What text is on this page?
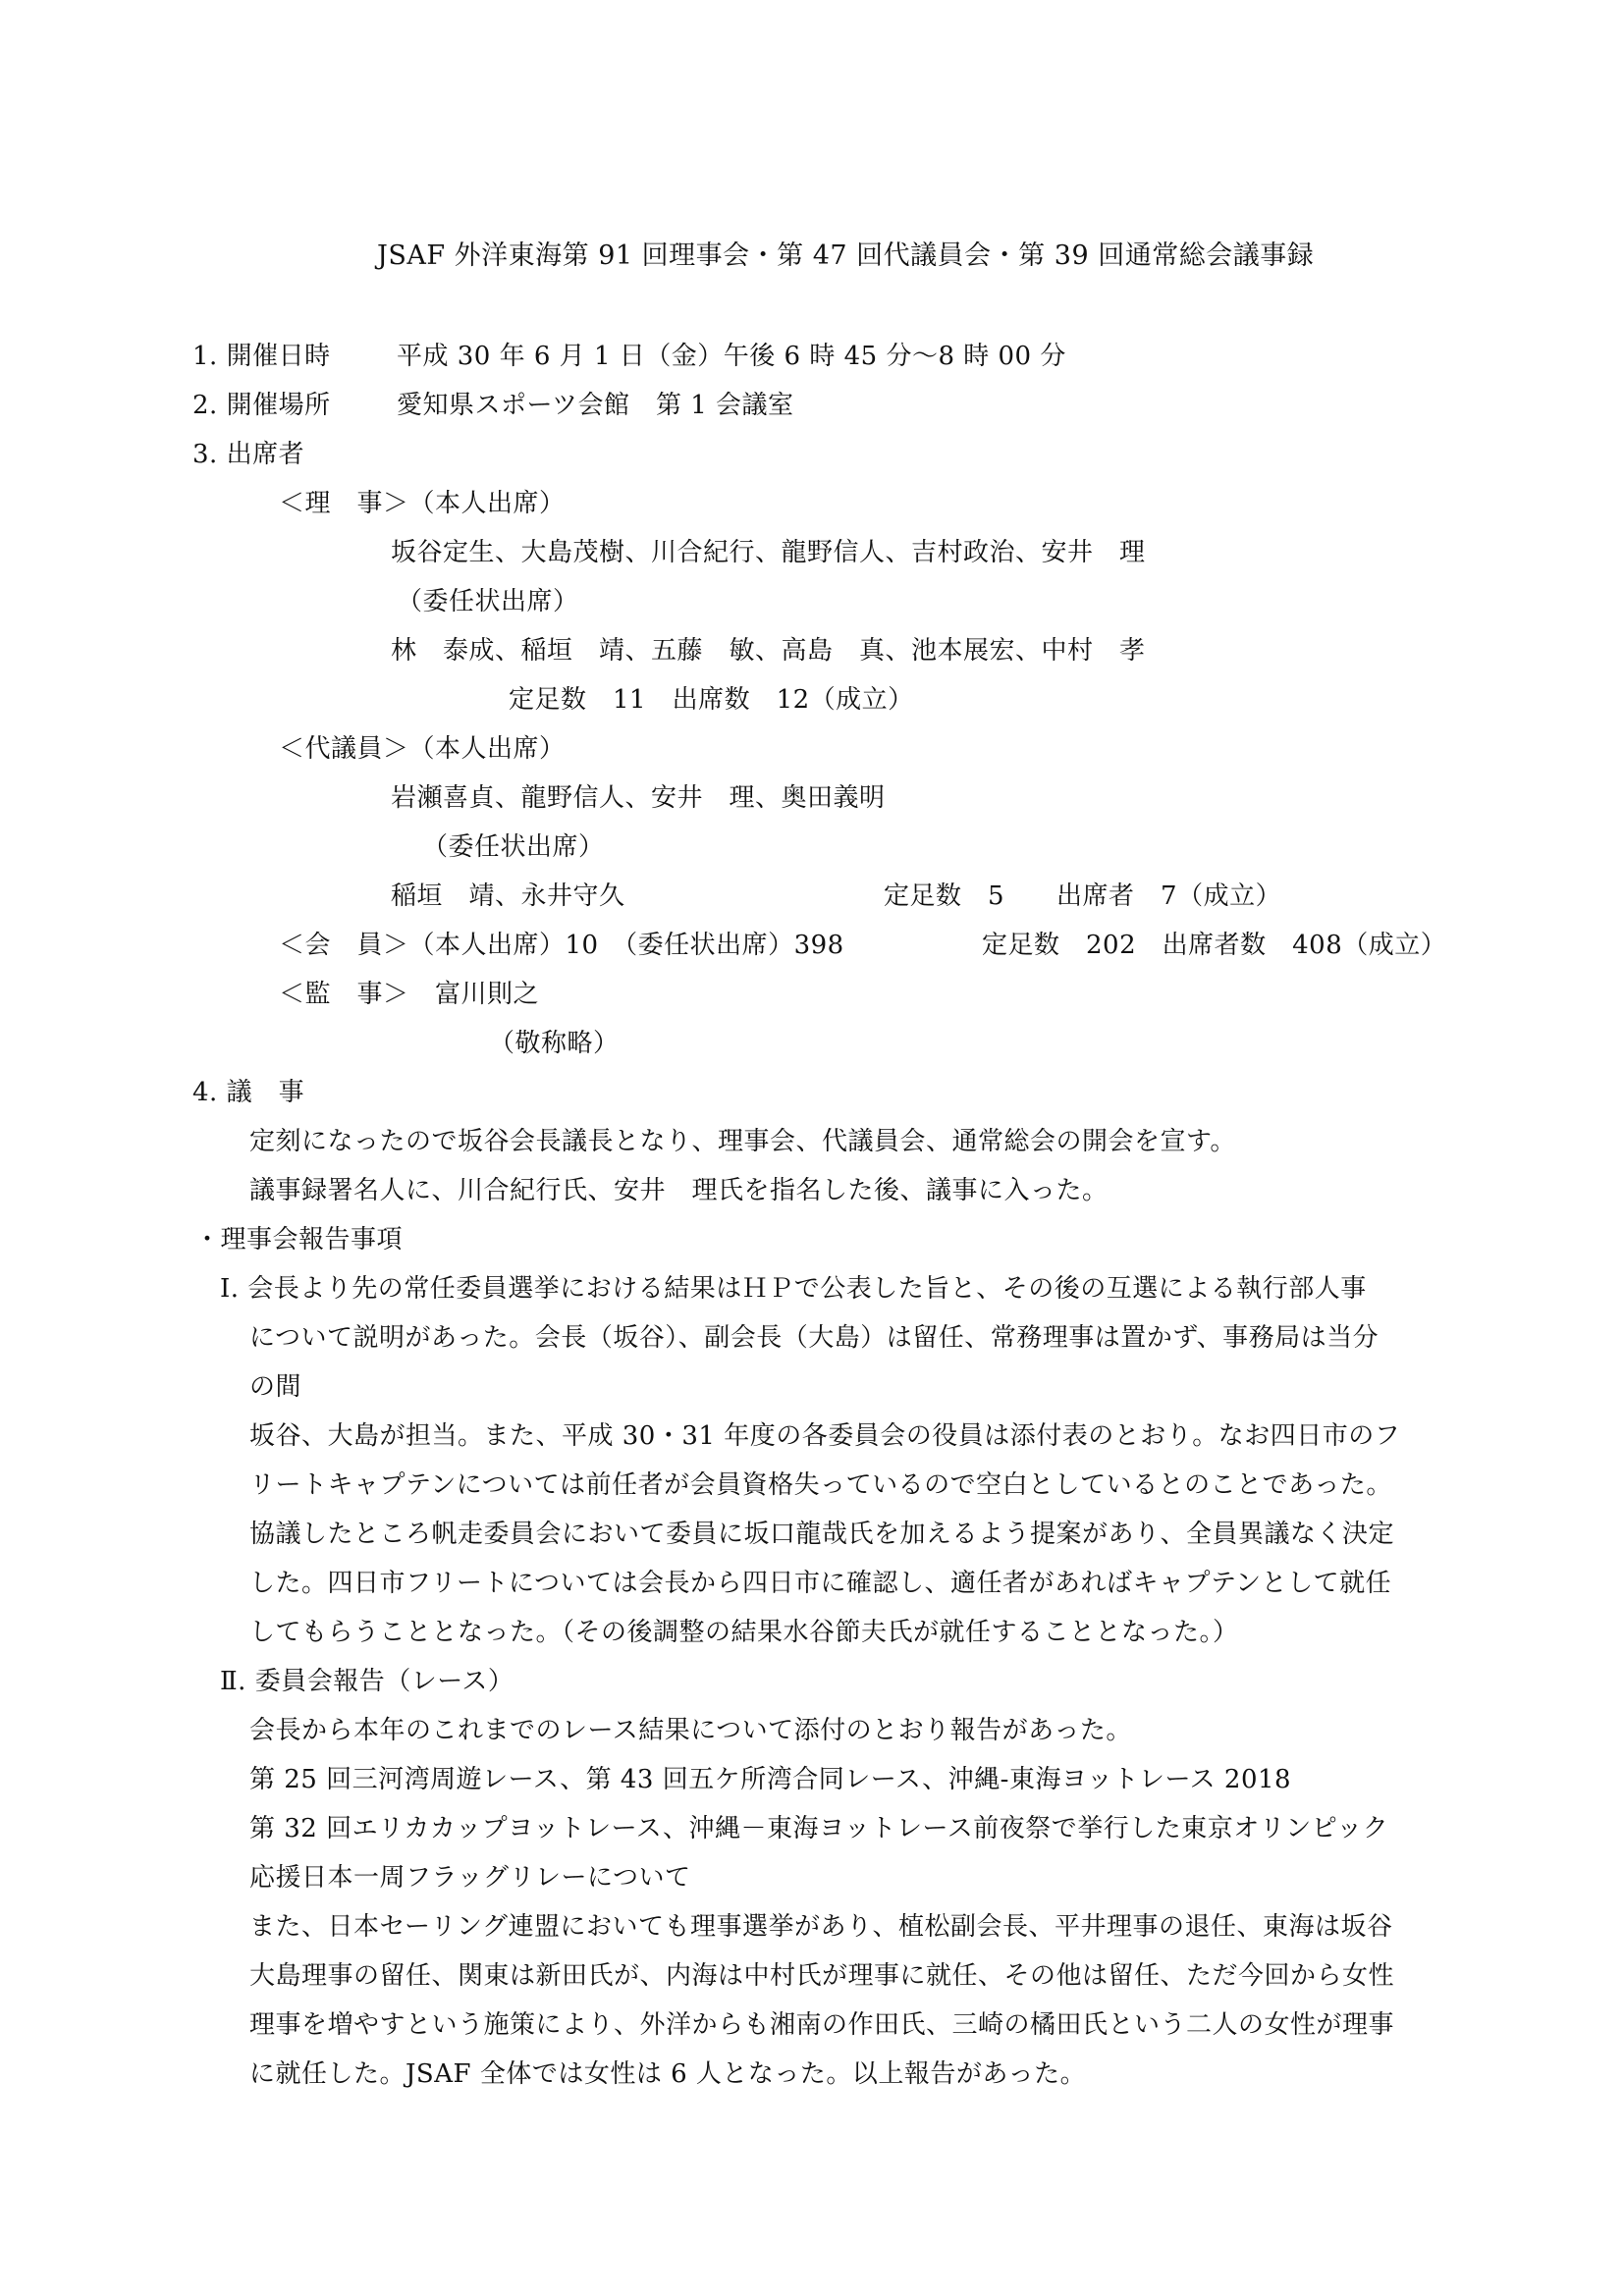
JSAF 外洋東海第 91 回理事会・第 47 回代議員会・第 39 回通常総会議事録

1. 開催日時	平成 30 年 6 月 1 日（金）午後 6 時 45 分～8 時 00 分

2. 開催場所	愛知県スポーツ会館　第 1 会議室

3. 出席者

＜理　事＞（本人出席）

坂谷定生、大島茂樹、川合紀行、龍野信人、吉村政治、安井　理

（委任状出席）

林　泰成、稲垣　靖、五藤　敏、高島　真、池本展宏、中村　孝

定足数　11　出席数　12（成立）

＜代議員＞（本人出席）

岩瀬喜貞、龍野信人、安井　理、奥田義明

（委任状出席）

稲垣　靖、永井守久	定足数　5　　出席者　7（成立）

＜会　員＞（本人出席）10　（委任状出席）398	定足数　202　出席者数　408（成立）

＜監　事＞　富川則之

（敬称略）

4. 議　事

定刻になったので坂谷会長議長となり、理事会、代議員会、通常総会の開会を宣す。

議事録署名人に、川合紀行氏、安井　理氏を指名した後、議事に入った。

・理事会報告事項

Ⅰ. 会長より先の常任委員選挙における結果はＨＰで公表した旨と、その後の互選による執行部人事

について説明があった。会長（坂谷）、副会長（大島）は留任、常務理事は置かず、事務局は当分

の間

坂谷、大島が担当。また、平成 30・31 年度の各委員会の役員は添付表のとおり。なお四日市のフ

リートキャプテンについては前任者が会員資格失っているので空白としているとのことであった。

協議したところ帆走委員会において委員に坂口龍哉氏を加えるよう提案があり、全員異議なく決定

した。四日市フリートについては会長から四日市に確認し、適任者があればキャプテンとして就任

してもらうこととなった。（その後調整の結果水谷節夫氏が就任することとなった。）

Ⅱ. 委員会報告（レース）

会長から本年のこれまでのレース結果について添付のとおり報告があった。

第 25 回三河湾周遊レース、第 43 回五ケ所湾合同レース、沖縄-東海ヨットレース 2018

第 32 回エリカカップヨットレース、沖縄－東海ヨットレース前夜祭で挙行した東京オリンピック

応援日本一周フラッグリレーについて

また、日本セーリング連盟においても理事選挙があり、植松副会長、平井理事の退任、東海は坂谷

大島理事の留任、関東は新田氏が、内海は中村氏が理事に就任、その他は留任、ただ今回から女性

理事を増やすという施策により、外洋からも湘南の作田氏、三崎の橘田氏という二人の女性が理事

に就任した。JSAF 全体では女性は 6 人となった。以上報告があった。
